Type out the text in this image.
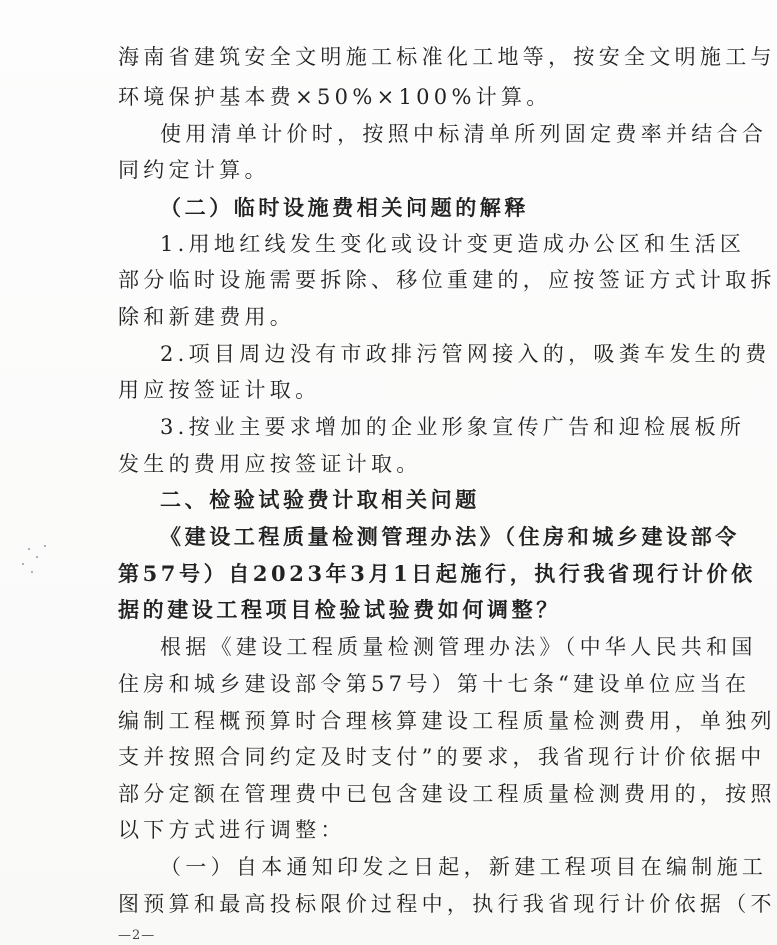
海南省建筑安全文明施工标准化工地等，按安全文明施工与
环境保护基本费×50%×100%计算。
使用清单计价时，按照中标清单所列固定费率并结合合
同约定计算。
（二）临时设施费相关问题的解释
1.用地红线发生变化或设计变更造成办公区和生活区
部分临时设施需要拆除、移位重建的，应按签证方式计取拆
除和新建费用。
2.项目周边没有市政排污管网接入的，吸粪车发生的费
用应按签证计取。
3.按业主要求增加的企业形象宣传广告和迎检展板所
发生的费用应按签证计取。
二、检验试验费计取相关问题
《建设工程质量检测管理办法》（住房和城乡建设部令
第57号）自2023年3月1日起施行，执行我省现行计价依
据的建设工程项目检验试验费如何调整？
根据《建设工程质量检测管理办法》（中华人民共和国
住房和城乡建设部令第57号）第十七条“建设单位应当在
编制工程概预算时合理核算建设工程质量检测费用，单独列
支并按照合同约定及时支付”的要求，我省现行计价依据中
部分定额在管理费中已包含建设工程质量检测费用的，按照
以下方式进行调整：
（一）自本通知印发之日起，新建工程项目在编制施工
图预算和最高投标限价过程中，执行我省现行计价依据（不
—2—
